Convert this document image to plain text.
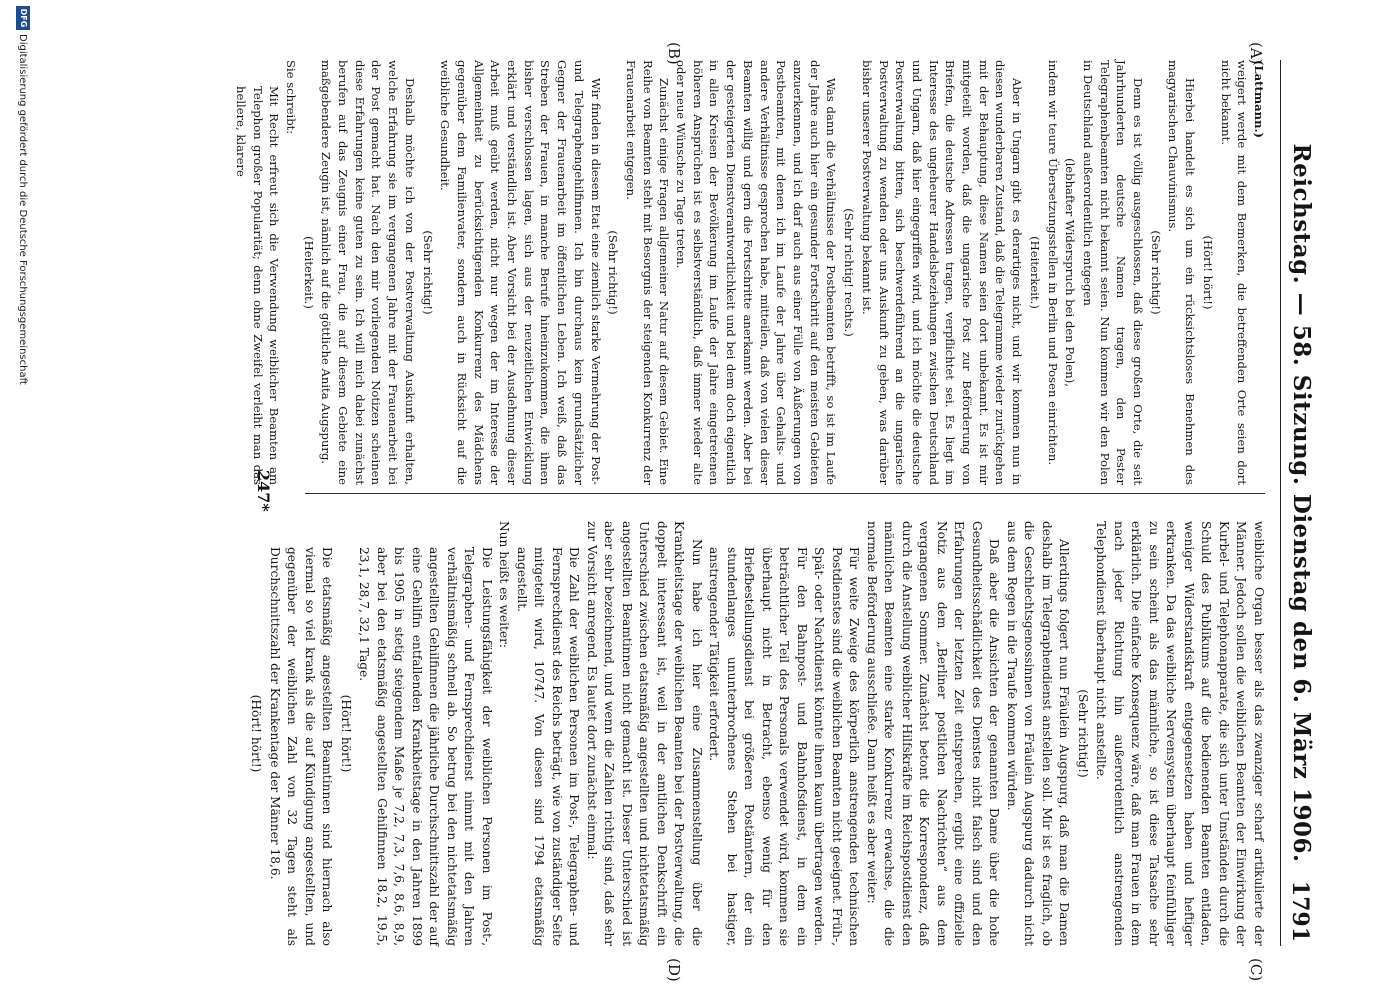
Reichstag. — 58. Sitzung. Dienstag den 6. März 1906.
1791
(A)
(B)
(C)
(D)

(Lattmann.)

weigert werde mit dem Bemerken, die betreffenden Orte seien dort nicht bekannt.

(Hört! hört!)

Hierbei handelt es sich um ein rücksichtsloses Benehmen des magyarischen Chauvinismus.

(Sehr richtig!)

Denn es ist völlig ausgeschlossen, daß diese großen Orte, die seit Jahrhunderten deutsche Namen tragen, den Pester Telegraphenbeamten nicht bekannt seien. Nun kommen wir den Polen in Deutschland außerordentlich entgegen

(lebhafter Widerspruch bei den Polen),

indem wir teure Übersetzungsstellen in Berlin und Posen einrichten.

(Heiterkeit.)

Aber in Ungarn gibt es derartiges nicht, und wir kommen nun in diesen wunderbaren Zustand, daß die Telegramme wieder zurückgehen mit der Behauptung, diese Namen seien dort unbekannt. Es ist mir mitgeteilt worden, daß die ungarische Post zur Beförderung von Briefen, die deutsche Adressen tragen, verpflichtet sei. Es liegt im Interesse des ungeheurer Handelsbeziehungen zwischen Deutschland und Ungarn, daß hier eingegriffen wird, und ich möchte die deutsche Postverwaltung bitten, sich beschwerdeführend an die ungarische Postverwaltung zu wenden oder uns Auskunft zu geben, was darüber bisher unserer Postverwaltung bekannt ist.

(Sehr richtig! rechts.)

Was dann die Verhältnisse der Postbeamten betrifft, so ist im Laufe der Jahre auch hier ein gesunder Fortschritt auf den meisten Gebieten anzuerkennen, und ich darf auch aus einer Fülle von Äußerungen von Postbeamten, mit denen ich im Laufe der Jahre über Gehalts- und andere Verhältnisse gesprochen habe, mitteilen, daß von vielen dieser Beamten willig und gern die Fortschritte anerkannt werden. Aber bei der gesteigerten Dienstverantwortlichkeit und bei dem doch eigentlich in allen Kreisen der Bevölkerung im Laufe der Jahre eingetretenen höheren Ansprüchen ist es selbstverständlich, daß immer wieder alte oder neue Wünsche zu Tage treten.

Zunächst einige Fragen allgemeiner Natur auf diesem Gebiet. Eine Reihe von Beamten steht mit Besorgnis der steigenden Konkurrenz der Frauenarbeit entgegen.

(Sehr richtig!)

Wir finden in diesem Etat eine ziemlich starke Vermehrung der Post- und Telegraphengehilfinnen. Ich bin durchaus kein grundsätzlicher Gegner der Frauenarbeit im öffentlichen Leben. Ich weiß, daß das Streben der Frauen, in manche Berufe hineinzukommen, die ihnen bisher verschlossen lagen, sich aus der neuzeitlichen Entwicklung erklärt und verständlich ist. Aber Vorsicht bei der Ausdehnung dieser Arbeit muß geübt werden, nicht nur wegen der im Interesse der Allgemeinheit zu berücksichtigenden Konkurrenz des Mädchens gegenüber dem Familienvater, sondern auch in Rücksicht auf die weibliche Gesundheit.

(Sehr richtig!)

Deshalb möchte ich von der Postverwaltung Auskunft erhalten, welche Erfahrung sie im vergangenen Jahre mit der Frauenarbeit bei der Post gemacht hat. Nach den mir vorliegenden Notizen scheinen diese Erfahrungen keine guten zu sein. Ich will mich dabei zunächst berufen auf das Zeugnis einer Frau, die auf diesem Gebiete eine maßgebendere Zeugin ist, nämlich auf die göttliche Anita Augspurg.

(Heiterkeit.)

Sie schreibt:

Mit Recht erfreut sich die Verwendung weiblicher Beamten am Telephon großer Popularität; denn ohne Zweifel verleiht man das hellere, klarere

weibliche Organ besser als das zwanziger scharf artikulierte der Männer. Jedoch sollen die weiblichen Beamten der Einwirkung der Kurbel- und Telephonapparate, die sich unter Umständen durch die Schuld des Publikums auf die bedienenden Beamten entladen, weniger Widerstandskraft entgegensetzen haben und heftiger erkranken. Da das weibliche Nervensystem überhaupt feinfühliger zu sein scheint als das männliche, so ist diese Tatsache sehr erklärlich. Die einfache Konsequenz wäre, daß man Frauen in dem nach jeder Richtung hin außerordentlich anstrengenden Telephondienst überhaupt nicht anstellte.

(Sehr richtig!)

Allerdings folgert nun Fräulein Augspurg, daß man die Damen deshalb im Telegraphendienst anstellen soll. Mir ist es fraglich, ob die Geschlechtsgenossinnen von Fräulein Augspurg dadurch nicht aus dem Regen in die Traufe kommen würden.

Daß aber die Ansichten der genannten Dame über die hohe Gesundheitsschädlichkeit des Dienstes nicht falsch sind und den Erfahrungen der letzten Zeit entsprechen, ergibt eine offizielle Notiz aus dem „Berliner postlichen Nachrichten“ aus dem vergangenen Sommer. Zunächst betont die Korrespondenz, daß durch die Anstellung weiblicher Hilfskräfte im Reichspostdienst den männlichen Beamten eine starke Konkurrenz erwachse, die die normale Beförderung ausschließe. Dann heißt es aber weiter:

Für weite Zweige des körperlich anstrengenden technischen Postdienstes sind die weiblichen Beamten nicht geeignet. Früh-, Spät- oder Nachtdienst könnte ihnen kaum übertragen werden. Für den Bahnpost- und Bahnhofsdienst, in dem ein beträchtlicher Teil des Personals verwendet wird, kommen sie überhaupt nicht in Betracht, ebenso wenig für den Briefbestellungsdienst bei größeren Postämtern, der ein stundenlanges ununterbrochenes Stehen bei hastiger, anstrengender Tätigkeit erfordert.

Nun habe ich hier eine Zusammenstellung über die Krankheitstage der weiblichen Beamten bei der Postverwaltung, die doppelt interessant ist, weil in der amtlichen Denkschrift ein Unterschied zwischen etatsmäßig angestellten und nichtetatsmäßig angestellten Beamtinnen nicht gemacht ist. Dieser Unterschied ist aber sehr bezeichnend, und wenn die Zahlen richtig sind, daß sehr zur Vorsicht anregend. Es lautet dort zunächst einmal:

Die Zahl der weiblichen Personen im Post-, Telegraphen- und Fernsprechdienst des Reichs beträgt, wie von zuständiger Seite mitgeteilt wird, 10747. Von diesen sind 1794 etatsmäßig angestellt.

Nun heißt es weiter:

Die Leistungsfähigkeit der weiblichen Personen im Post-, Telegraphen- und Fernsprechdienst nimmt mit den Jahren verhältnismäßig schnell ab. So betrug bei den nichtetatsmäßig angestellten Gehilfinnen die jährliche Durchschnittszahl der auf eine Gehilfin entfallenden Krankheitstage in den Jahren 1899 bis 1905 in stetig steigendem Maße je 7,2, 7,3, 7,6, 8,6, 8,9, aber bei den etatsmäßig angestellten Gehilfinnen 18,2, 19,5, 23,1, 28,7, 32,1 Tage.

(Hört! hört!)

Die etatsmäßig angestellten Beamtinnen sind hiernach also viermal so viel krank als die auf Kündigung angestellten, und gegenüber der weiblichen Zahl von 32 Tagen steht als Durchschnittszahl der Krankentage der Männer 18,6.

(Hört! hört!)

247*
DFG
Digitalisierung gefördert durch die Deutsche Forschungsgemeinschaft
